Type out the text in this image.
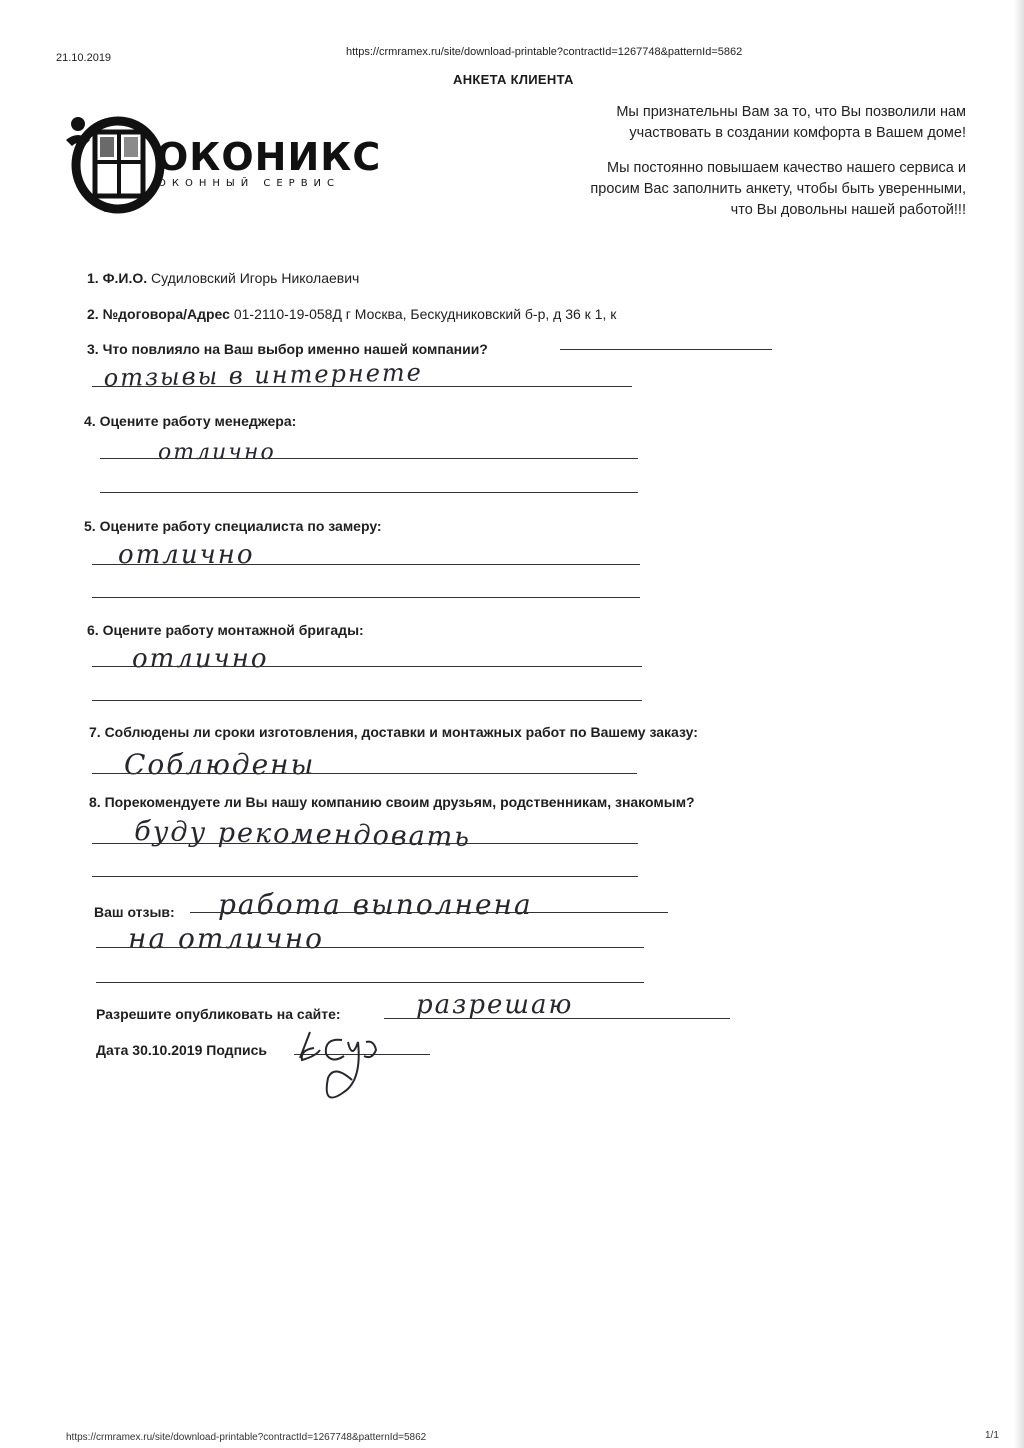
21.10.2019	https://crmramex.ru/site/download-printable?contractId=1267748&patternId=5862
АНКЕТА КЛИЕНТА
ОКОНИКС
ОКОННЫЙ СЕРВИС
Мы признательны Вам за то, что Вы позволили нам
участвовать в создании комфорта в Вашем доме!
Мы постоянно повышаем качество нашего сервиса и
просим Вас заполнить анкету, чтобы быть уверенными,
что Вы довольны нашей работой!!!
1. Ф.И.О. Судиловский Игорь Николаевич
2. №договора/Адрес 01-2110-19-058Д г Москва, Бескудниковский б-р, д 36 к 1, к
3. Что повлияло на Ваш выбор именно нашей компании?
отзывы в интернете
4. Оцените работу менеджера:
отлично
5. Оцените работу специалиста по замеру:
отлично
6. Оцените работу монтажной бригады:
отлично
7. Соблюдены ли сроки изготовления, доставки и монтажных работ по Вашему заказу:
Соблюдены
8. Порекомендуете ли Вы нашу компанию своим друзьям, родственникам, знакомым?
буду рекомендовать
Ваш отзыв: работа выполнена
на отлично
Разрешите опубликовать на сайте:	разрешаю
Дата 30.10.2019 Подпись
https://crmramex.ru/site/download-printable?contractId=1267748&patternId=5862	1/1
